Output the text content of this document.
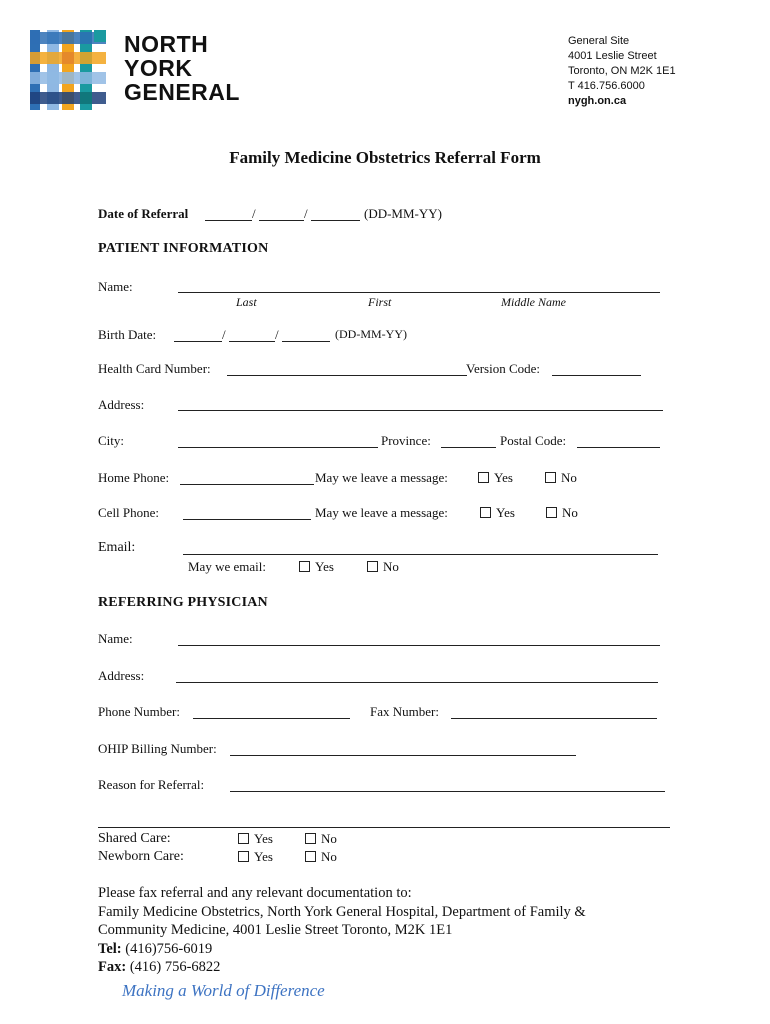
NORTH
YORK
GENERAL
General Site
4001 Leslie Street
Toronto, ON M2K 1E1
T 416.756.6000
nygh.on.ca
Family Medicine Obstetrics Referral Form
Date of Referral	/	/	(DD-MM-YY)
PATIENT INFORMATION
Name:
Last	First	Middle Name
Birth Date:	/	/	(DD-MM-YY)
Health Card Number:	Version Code:
Address:
City:	Province:	Postal Code:
Home Phone:	May we leave a message:	Yes	No
Cell Phone:	May we leave a message:	Yes	No
Email:
May we email:	Yes	No
REFERRING PHYSICIAN
Name:
Address:
Phone Number:	Fax Number:
OHIP Billing Number:
Reason for Referral:
Shared Care:	Yes	No
Newborn Care:	Yes	No
Please fax referral and any relevant documentation to:
Family Medicine Obstetrics, North York General Hospital, Department of Family &
Community Medicine, 4001 Leslie Street Toronto, M2K 1E1
Tel: (416)756-6019
Fax: (416) 756-6822
Making a World of Difference
